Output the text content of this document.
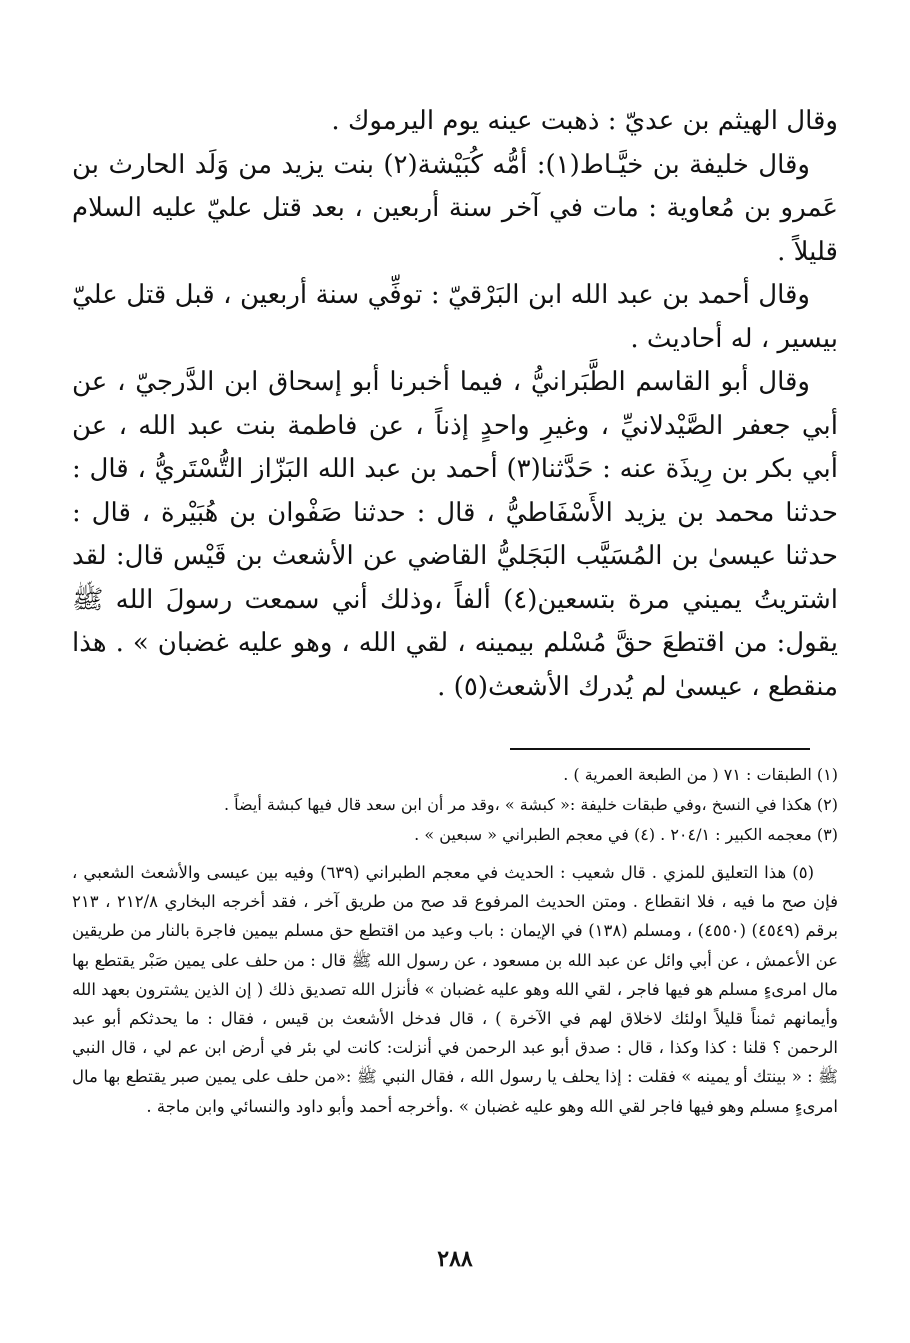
وقال الهيثم بن عديّ : ذهبت عينه يوم اليرموك .

وقال خليفة بن خيَّـاط(١): أمُّه كُبَيْشة(٢) بنت يزيد من وَلَد الحارث بن عَمرو بن مُعاوية : مات في آخر سنة أربعين ، بعد قتل عليّ عليه السلام قليلاً .

وقال أحمد بن عبد الله ابن البَرْقيّ : توفِّي سنة أربعين ، قبل قتل عليّ بيسير ، له أحاديث .

وقال أبو القاسم الطَّبَرانيُّ ، فيما أخبرنا أبو إسحاق ابن الدَّرجيّ ، عن أبي جعفر الصَّيْدلانيِّ ، وغيرِ واحدٍ إذناً ، عن فاطمة بنت عبد الله ، عن أبي بكر بن رِيذَة عنه : حَدَّثنا(٣) أحمد بن عبد الله البَزّاز التُّسْتَريُّ ، قال : حدثنا محمد بن يزيد الأَسْفَاطيُّ ، قال : حدثنا صَفْوان بن هُبَيْرة ، قال : حدثنا عيسىٰ بن المُسَيَّب البَجَليُّ القاضي عن الأشعث بن قَيْس قال: لقد اشتريتُ يميني مرة بتسعين(٤) ألفاً ،وذلك أني سمعت رسولَ الله ﷺ يقول: من اقتطعَ حقَّ مُسْلم بيمينه ، لقي الله ، وهو عليه غضبان » . هذا منقطع ، عيسىٰ لم يُدرك الأشعث(٥) .

(١) الطبقات : ٧١ ( من الطبعة العمرية ) .
(٢) هكذا في النسخ ،وفي طبقات خليفة :« كبشة » ،وقد مر أن ابن سعد قال فيها كبشة أيضاً .
(٣) معجمه الكبير : ٢٠٤/١ . (٤) في معجم الطبراني « سبعين » .
(٥) هذا التعليق للمزي . قال شعيب : الحديث في معجم الطبراني (٦٣٩) وفيه بين عيسى والأشعث الشعبي ، فإن صح ما فيه ، فلا انقطاع . ومتن الحديث المرفوع قد صح من طريق آخر ، فقد أخرجه البخاري ٢١٢/٨ ، ٢١٣ برقم (٤٥٤٩) (٤٥٥٠) ، ومسلم (١٣٨) في الإيمان : باب وعيد من اقتطع حق مسلم بيمين فاجرة بالنار من طريقين عن الأعمش ، عن أبي وائل عن عبد الله بن مسعود ، عن رسول الله ﷺ قال : من حلف على يمين صَبْر يقتطع بها مال امرىءٍ مسلم هو فيها فاجر ، لقي الله وهو عليه غضبان » فأنزل الله تصديق ذلك ( إن الذين يشترون بعهد الله وأيمانهم ثمناً قليلاً اولئك لاخلاق لهم في الآخرة ) ، قال فدخل الأشعث بن قيس ، فقال : ما يحدثكم أبو عبد الرحمن ؟ قلنا : كذا وكذا ، قال : صدق أبو عبد الرحمن في أنزلت: كانت لي بئر في أرض ابن عم لي ، قال النبي ﷺ : « بينتك أو يمينه » فقلت : إذا يحلف يا رسول الله ، فقال النبي ﷺ :«من حلف على يمين صبر يقتطع بها مال امرىءٍ مسلم وهو فيها فاجر لقي الله وهو عليه غضبان » .وأخرجه أحمد وأبو داود والنسائي وابن ماجة .
٢٨٨
